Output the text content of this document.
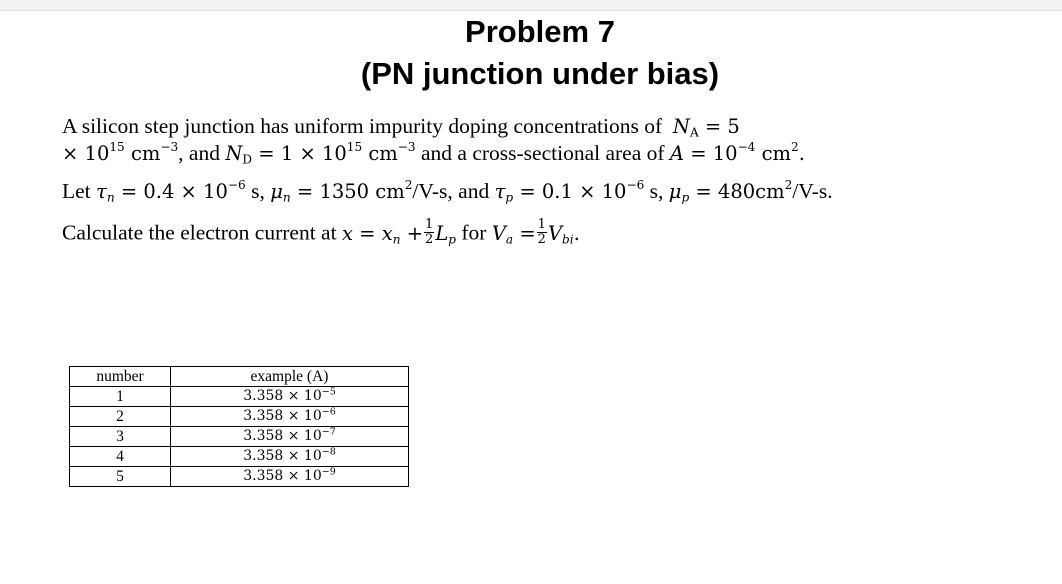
Problem 7
(PN junction under bias)
A silicon step junction has uniform impurity doping concentrations of $N_A = 5$
× $10^{15}$ $cm^{-3}$, and $N_D = 1 \times 10^{15}$ $cm^{-3}$ and a cross-sectional area of $A = 10^{-4}$ $cm^2$.
Let $\tau_n = 0.4 \times 10^{-6}$ s, $\mu_n = 1350$ $cm^2/V-s$, and $\tau_p = 0.1 \times 10^{-6}$ s, $\mu_p = 480cm^2/V-s$.
Calculate the electron current at $x = x_n + \frac{1}{2} L_p$ for $V_a = \frac{1}{2} V_{bi}$.
number	example (A)
1	$3.358 \times 10^{-5}$
2	$3.358 \times 10^{-6}$
3	$3.358 \times 10^{-7}$
4	$3.358 \times 10^{-8}$
5	$3.358 \times 10^{-9}$
